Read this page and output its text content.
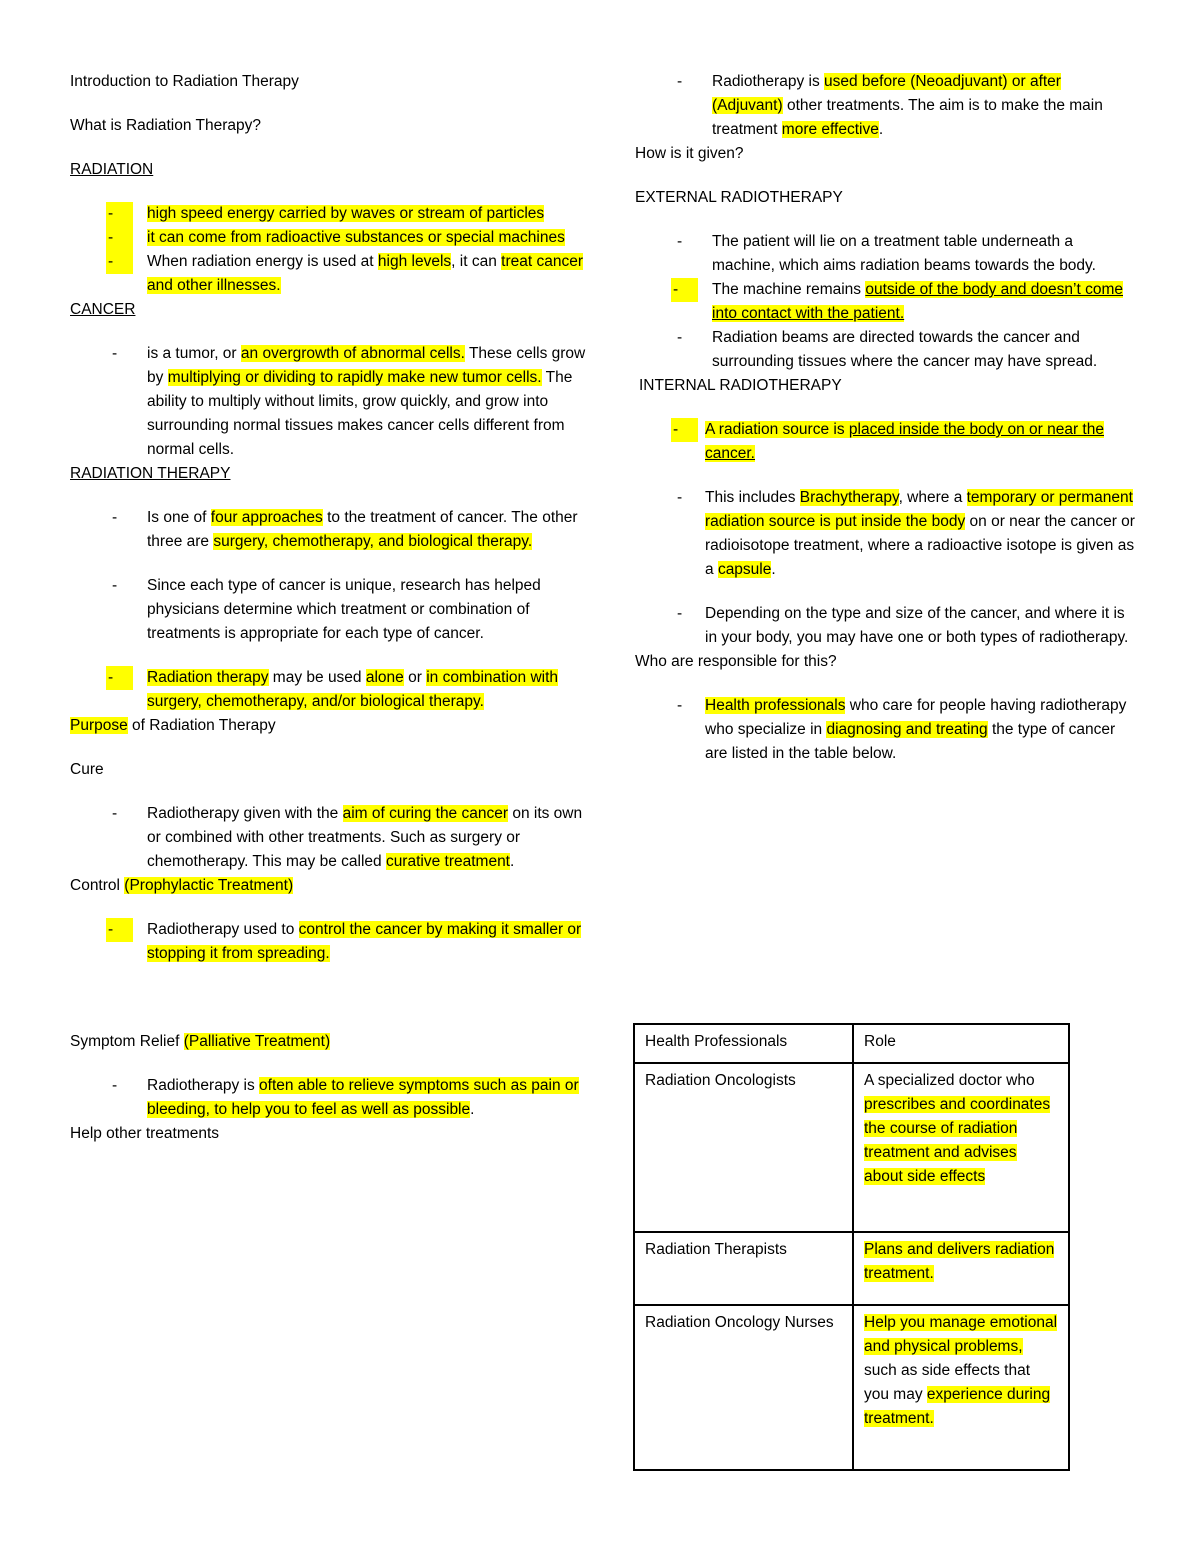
Introduction to Radiation Therapy

What is Radiation Therapy?

RADIATION

-	high speed energy carried by waves or stream of particles
-	it can come from radioactive substances or special machines
-	When radiation energy is used at high levels, it can treat cancer and other illnesses.

CANCER

- is a tumor, or an overgrowth of abnormal cells. These cells grow by multiplying or dividing to rapidly make new tumor cells. The ability to multiply without limits, grow quickly, and grow into surrounding normal tissues makes cancer cells different from normal cells.

RADIATION THERAPY

- Is one of four approaches to the treatment of cancer. The other three are surgery, chemotherapy, and biological therapy.
- Since each type of cancer is unique, research has helped physicians determine which treatment or combination of treatments is appropriate for each type of cancer.
-	Radiation therapy may be used alone or in combination with surgery, chemotherapy, and/or biological therapy.

Purpose of Radiation Therapy

Cure

- Radiotherapy given with the aim of curing the cancer on its own or combined with other treatments. Such as surgery or chemotherapy. This may be called curative treatment.

Control (Prophylactic Treatment)

-	Radiotherapy used to control the cancer by making it smaller or stopping it from spreading.

Symptom Relief (Palliative Treatment)

- Radiotherapy is often able to relieve symptoms such as pain or bleeding, to help you to feel as well as possible.

Help other treatments

- Radiotherapy is used before (Neoadjuvant) or after (Adjuvant) other treatments. The aim is to make the main treatment more effective.

How is it given?

EXTERNAL RADIOTHERAPY

- The patient will lie on a treatment table underneath a machine, which aims radiation beams towards the body.
-	The machine remains outside of the body and doesn’t come into contact with the patient.
- Radiation beams are directed towards the cancer and surrounding tissues where the cancer may have spread.

INTERNAL RADIOTHERAPY

-	A radiation source is placed inside the body on or near the cancer.
- This includes Brachytherapy, where a temporary or permanent radiation source is put inside the body on or near the cancer or radioisotope treatment, where a radioactive isotope is given as a capsule.
- Depending on the type and size of the cancer, and where it is in your body, you may have one or both types of radiotherapy.

Who are responsible for this?

- Health professionals who care for people having radiotherapy who specialize in diagnosing and treating the type of cancer are listed in the table below.
Health Professionals	Role
Radiation Oncologists	A specialized doctor who prescribes and coordinates the course of radiation treatment and advises about side effects
Radiation Therapists	Plans and delivers radiation treatment.
Radiation Oncology Nurses	Help you manage emotional and physical problems, such as side effects that you may experience during treatment.
